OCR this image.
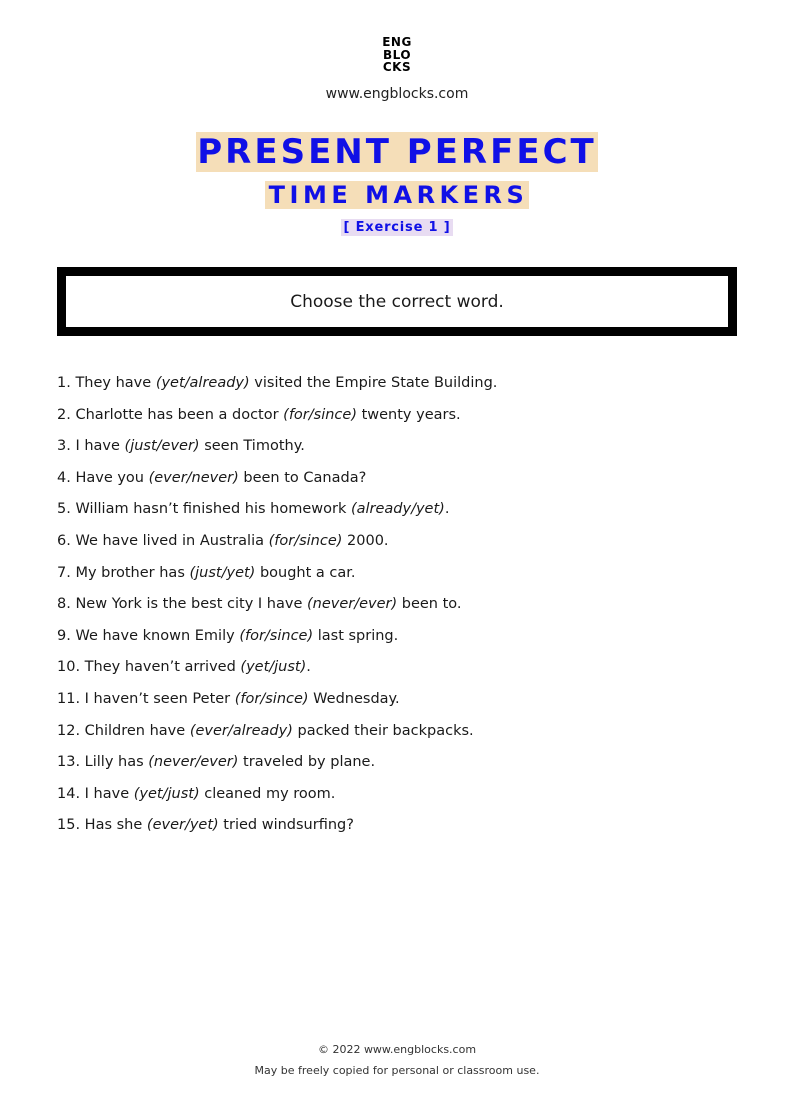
ENG
BLO
CKS
www.engblocks.com
PRESENT PERFECT
TIME MARKERS
[ Exercise 1 ]
Choose the correct word.
1. They have (yet/already) visited the Empire State Building.
2. Charlotte has been a doctor (for/since) twenty years.
3. I have (just/ever) seen Timothy.
4. Have you (ever/never) been to Canada?
5. William hasn’t finished his homework (already/yet).
6. We have lived in Australia (for/since) 2000.
7. My brother has (just/yet) bought a car.
8. New York is the best city I have (never/ever) been to.
9. We have known Emily (for/since) last spring.
10. They haven’t arrived (yet/just).
11. I haven’t seen Peter (for/since) Wednesday.
12. Children have (ever/already) packed their backpacks.
13. Lilly has (never/ever) traveled by plane.
14. I have (yet/just) cleaned my room.
15. Has she (ever/yet) tried windsurfing?
© 2022 www.engblocks.com
May be freely copied for personal or classroom use.
